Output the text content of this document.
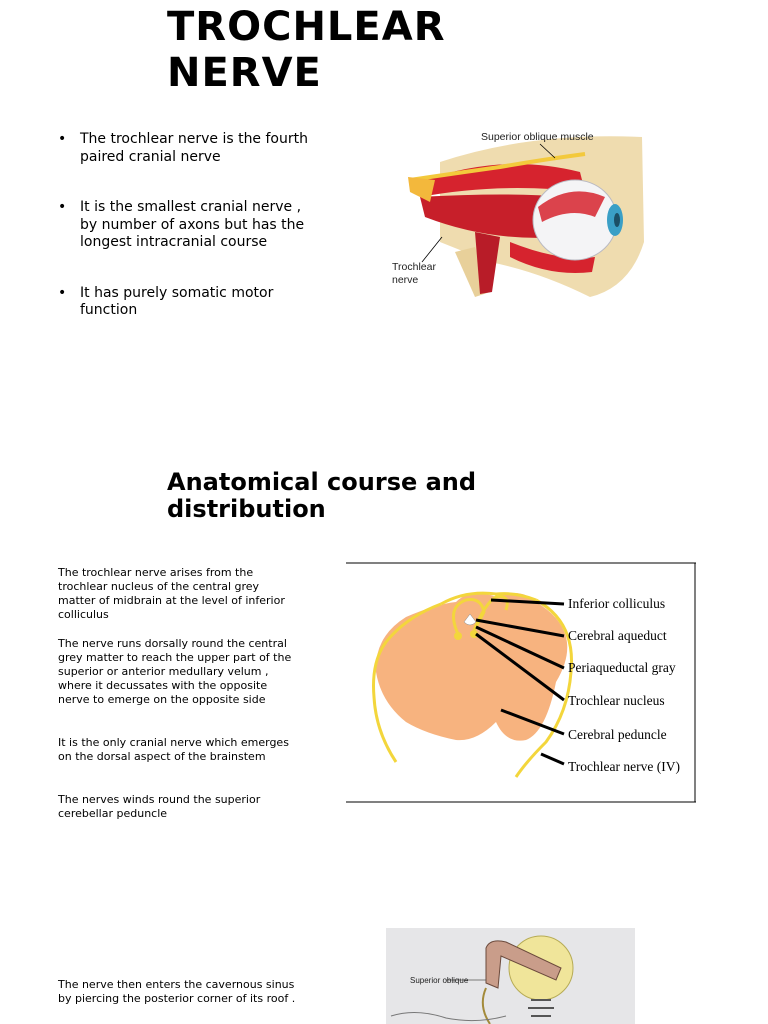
TROCHLEAR NERVE
• The trochlear nerve is the fourth paired cranial nerve
• It is the smallest cranial nerve , by number of axons but has the longest intracranial course
• It has purely somatic motor function
Superior oblique muscle
Trochlear
nerve
Anatomical course and distribution

The trochlear nerve arises from the trochlear nucleus of the central grey matter of midbrain at the level of inferior colliculus

The nerve runs dorsally round the central grey matter to reach the upper part of the superior or anterior medullary velum , where it decussates with the opposite nerve to emerge on the opposite side

It is the only cranial nerve which emerges on the dorsal aspect of the brainstem

The nerves winds round the superior cerebellar peduncle

The nerve then enters the cavernous sinus by piercing the posterior corner of its roof .

Inferior colliculus
Cerebral aqueduct
Periaqueductal gray
Trochlear nucleus
Cerebral peduncle
Trochlear nerve (IV)
Superior oblique
